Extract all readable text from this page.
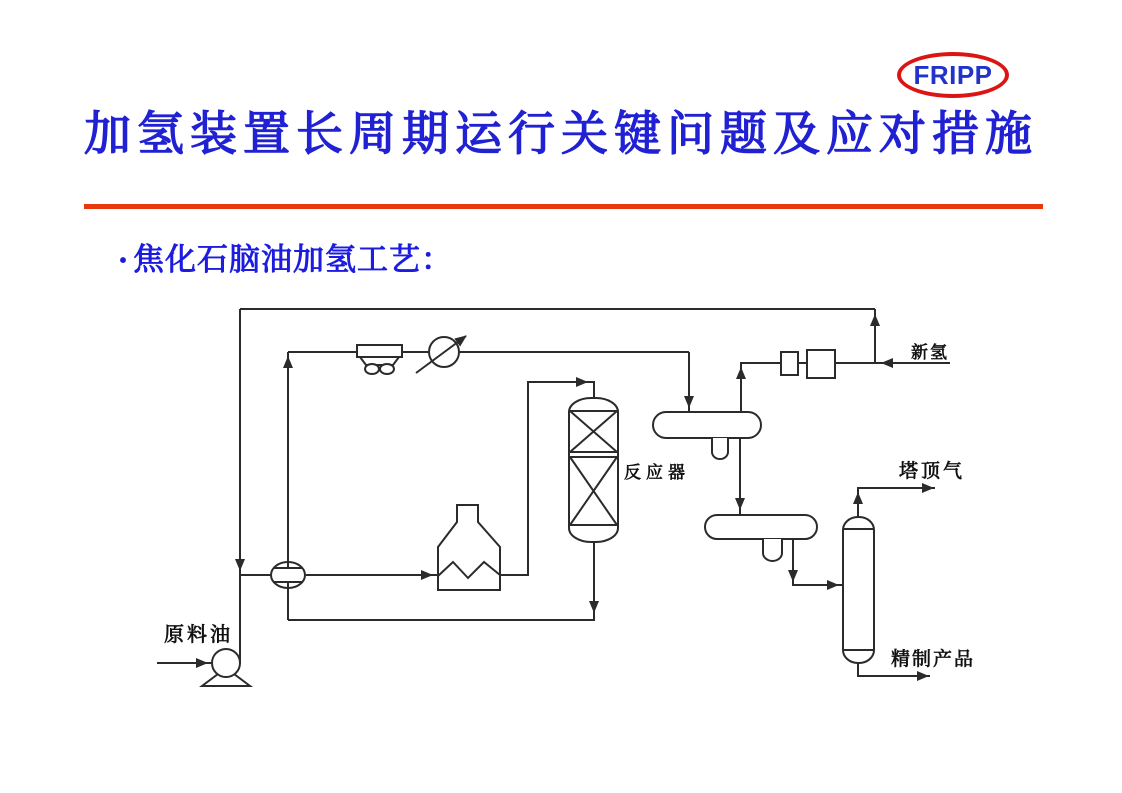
FRIPP
加氢装置长周期运行关键问题及应对措施
· 焦化石脑油加氢工艺：
原料油
反应器
新氢
塔顶气
精制产品
